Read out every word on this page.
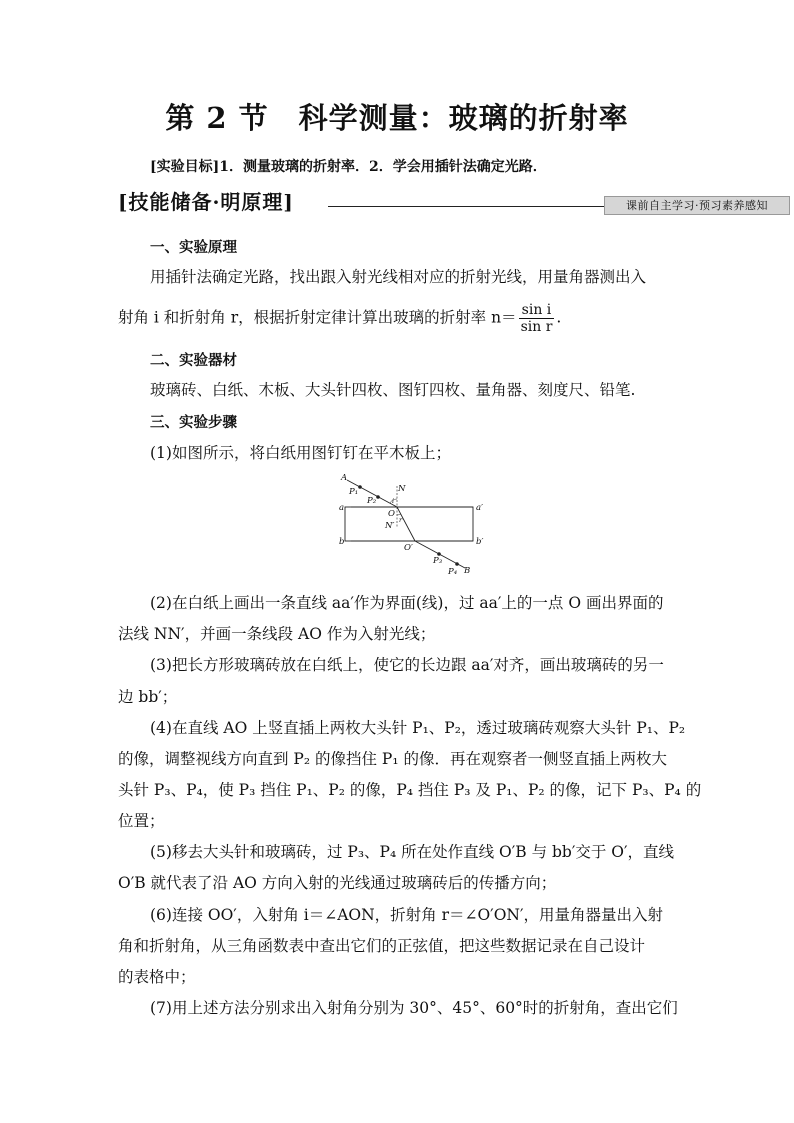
第 2 节　科学测量：玻璃的折射率
[实验目标]1．测量玻璃的折射率．2．学会用插针法确定光路．
[技能储备·明原理]	课前自主学习·预习素养感知
一、实验原理
用插针法确定光路，找出跟入射光线相对应的折射光线，用量角器测出入
射角 i 和折射角 r，根据折射定律计算出玻璃的折射率 $n= \frac{\text{sin i}}{\text{sin r}}$ .
二、实验器材
玻璃砖、白纸、木板、大头针四枚、图钉四枚、量角器、刻度尺、铅笔.
三、实验步骤
(1)如图所示，将白纸用图钉钉在平木板上；
A
P₁
P₂
N
i
O
r
N′
a	a′
b	b′
O′
P₃
P₄ B
(2)在白纸上画出一条直线 aa′作为界面(线)，过 aa′上的一点 O 画出界面的
法线 NN′，并画一条线段 AO 作为入射光线；
(3)把长方形玻璃砖放在白纸上，使它的长边跟 aa′对齐，画出玻璃砖的另一
边 bb′；
(4)在直线 AO 上竖直插上两枚大头针 P₁、P₂，透过玻璃砖观察大头针 P₁、P₂
的像，调整视线方向直到 P₂ 的像挡住 P₁ 的像．再在观察者一侧竖直插上两枚大
头针 P₃、P₄，使 P₃ 挡住 P₁、P₂ 的像，P₄ 挡住 P₃ 及 P₁、P₂ 的像，记下 P₃、P₄ 的
位置；
(5)移去大头针和玻璃砖，过 P₃、P₄ 所在处作直线 O′B 与 bb′交于 O′，直线
O′B 就代表了沿 AO 方向入射的光线通过玻璃砖后的传播方向；
(6)连接 OO′，入射角 i＝∠AON，折射角 r＝∠O′ON′，用量角器量出入射
角和折射角，从三角函数表中查出它们的正弦值，把这些数据记录在自己设计
的表格中；
(7)用上述方法分别求出入射角分别为 30°、45°、60°时的折射角，查出它们
